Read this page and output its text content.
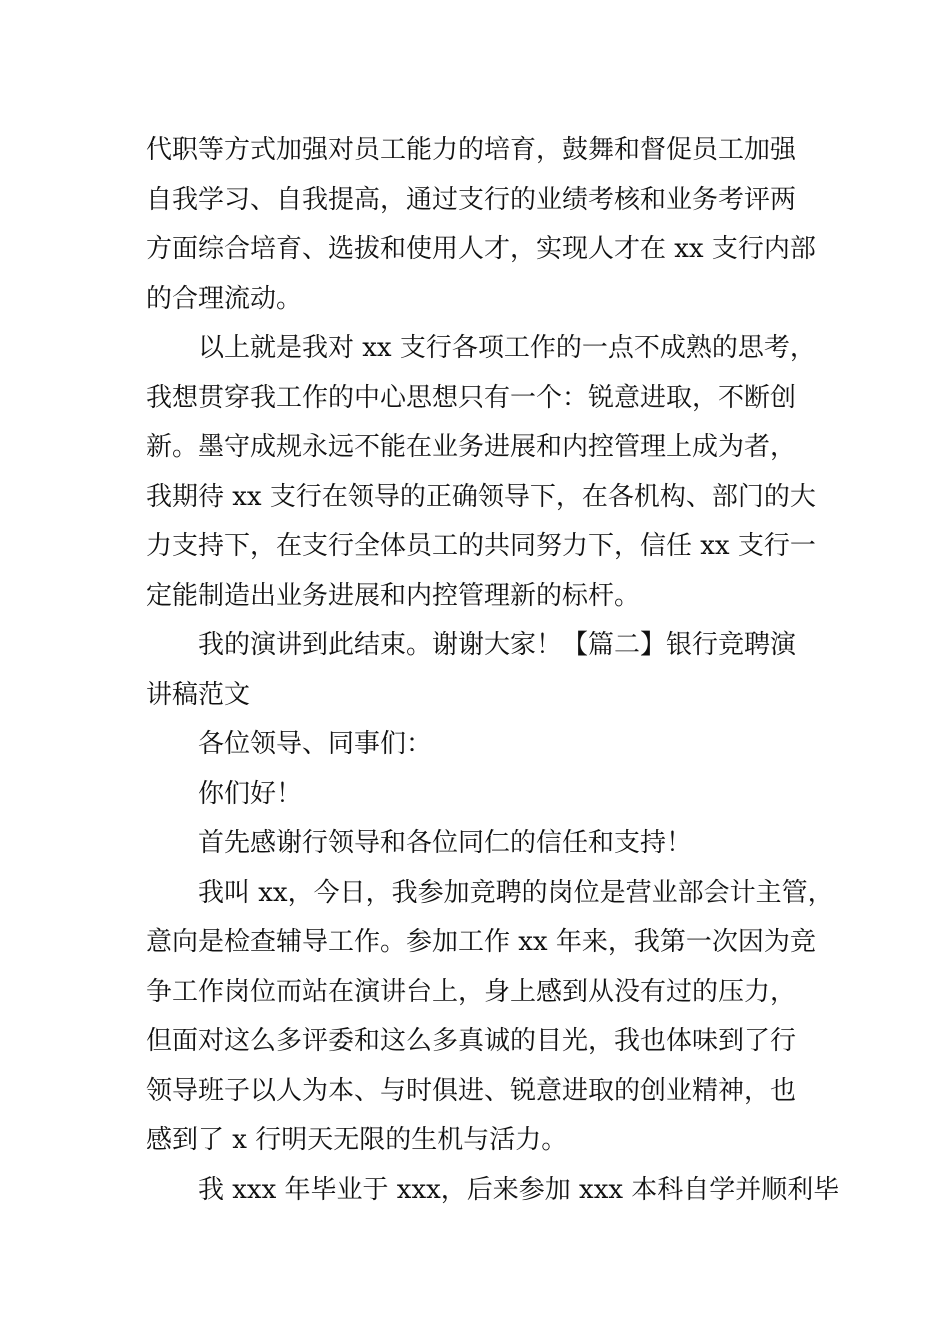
代职等方式加强对员工能力的培育，鼓舞和督促员工加强
自我学习、自我提高，通过支行的业绩考核和业务考评两
方面综合培育、选拔和使用人才，实现人才在 xx 支行内部
的合理流动。
以上就是我对 xx 支行各项工作的一点不成熟的思考，
我想贯穿我工作的中心思想只有一个：锐意进取，不断创
新。墨守成规永远不能在业务进展和内控管理上成为者，
我期待 xx 支行在领导的正确领导下，在各机构、部门的大
力支持下，在支行全体员工的共同努力下，信任 xx 支行一
定能制造出业务进展和内控管理新的标杆。
我的演讲到此结束。谢谢大家！【篇二】银行竞聘演
讲稿范文
各位领导、同事们：
你们好！
首先感谢行领导和各位同仁的信任和支持！
我叫 xx，今日，我参加竞聘的岗位是营业部会计主管，
意向是检查辅导工作。参加工作 xx 年来，我第一次因为竞
争工作岗位而站在演讲台上，身上感到从没有过的压力，
但面对这么多评委和这么多真诚的目光，我也体味到了行
领导班子以人为本、与时俱进、锐意进取的创业精神，也
感到了 x 行明天无限的生机与活力。
我 xxx 年毕业于 xxx，后来参加 xxx 本科自学并顺利毕
